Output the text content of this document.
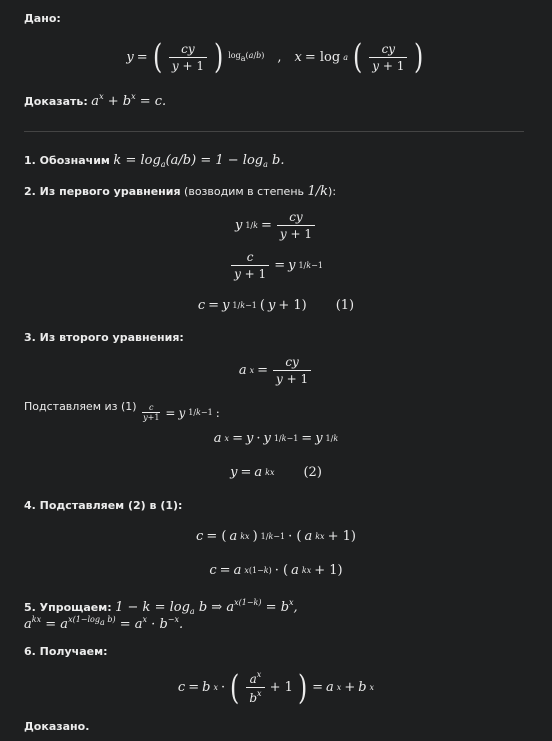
Дано:
y = ( $\frac{cy}{y + 1}$ ) $\log_a(a/b)$ , x = log a ( $\frac{cy}{y + 1}$ )
Доказать: $a^x + b^x = c$.
1. Обозначим $k = \log_a(a/b) = 1 - \log_a b$.
2. Из первого уравнения (возводим в степень 1/k):
y $1/k = \frac{cy}{y + 1}$
$\frac{c}{y + 1} = y$ 1/k−1
c = y 1/k−1 ( y + 1) (1)
3. Из второго уравнения:
a $x = \frac{cy}{y + 1}$
Подставляем из $(1) \frac{c}{y+1} = y$ 1/k−1 :
a x = y · y 1/k−1 = y 1/k
y = a kx (2)
4. Подставляем (2) в (1):
c = ( a kx ) 1/k−1 · ( a kx + 1)
c = a x(1−k) · ( a kx + 1)
5. Упрощаем: $1 - k = \log_a b$ ⇒ $a^{x(1-k)} = b^x$,
$a^{kx} = a^{x(1-log_a b)} = a^x \cdot b^{-x}$.
6. Получаем:
c = b x · ( $\frac{a^x}{b^x} + 1$ ) = a x + b x
Доказано.
